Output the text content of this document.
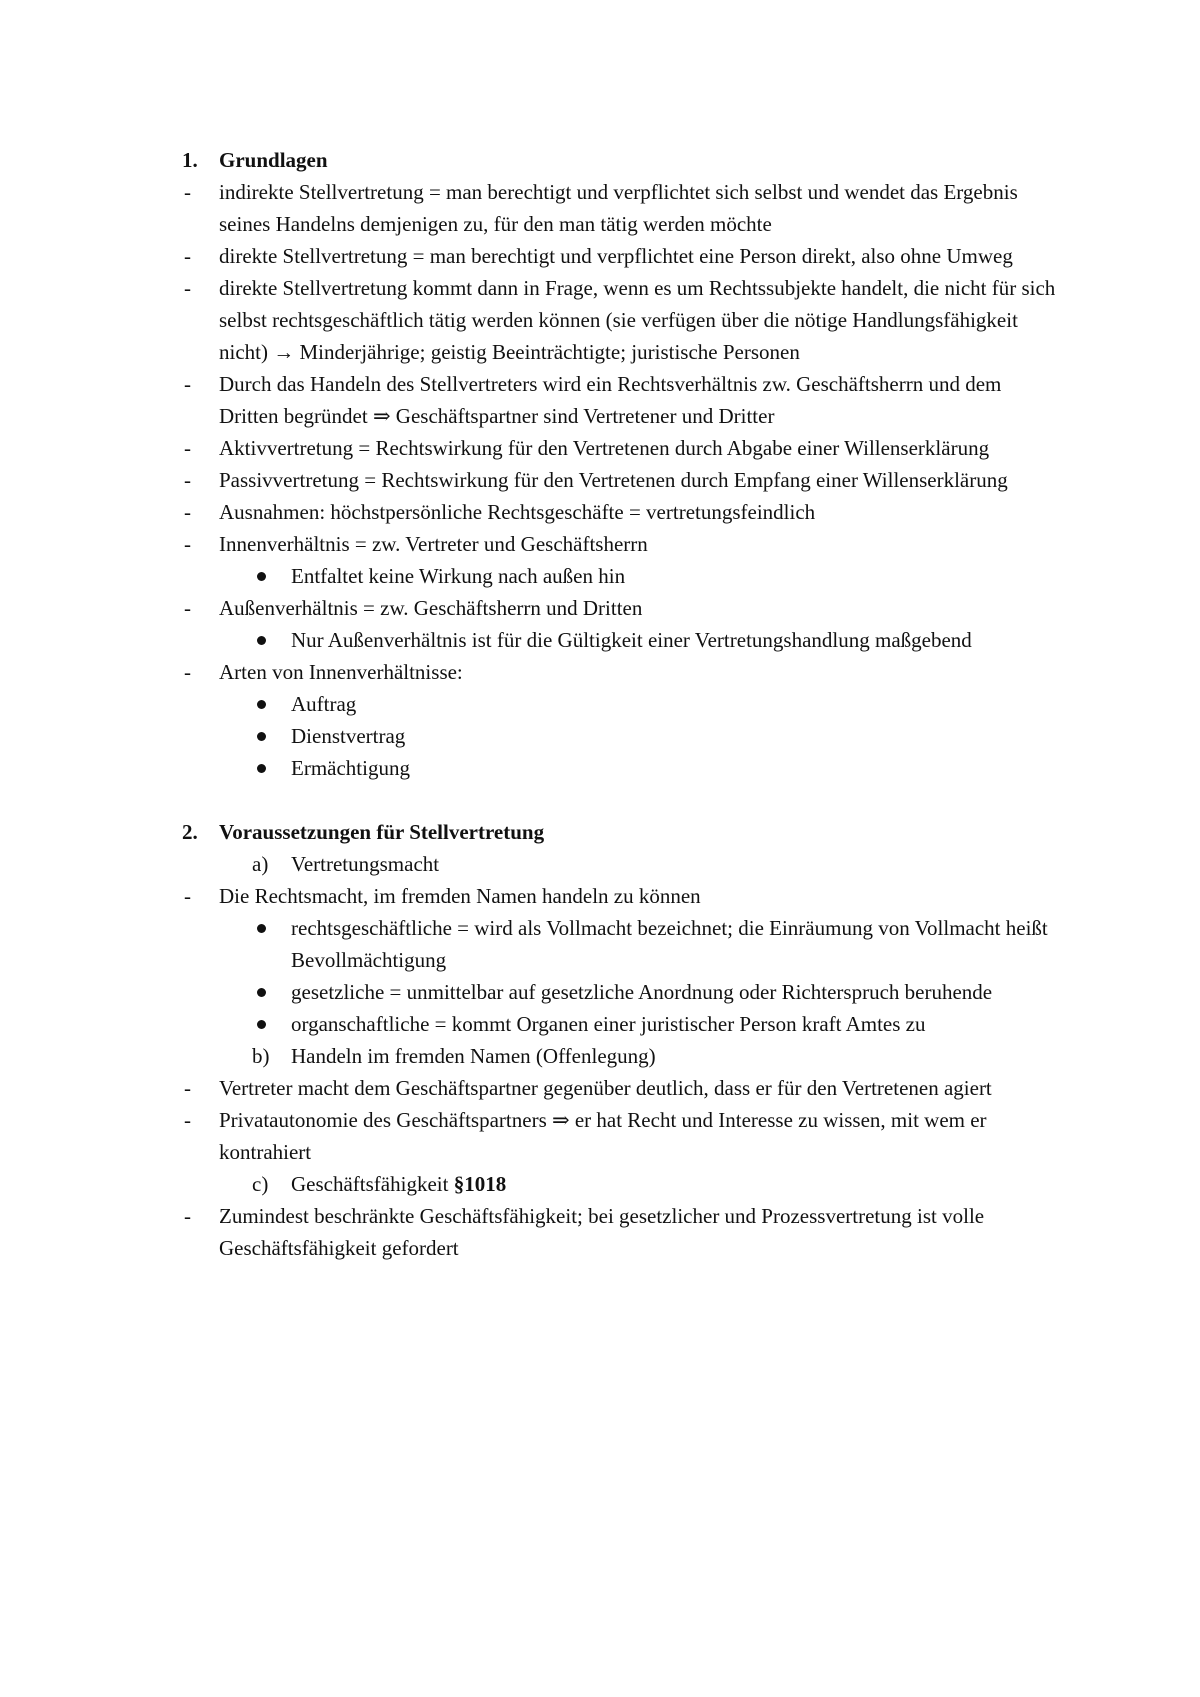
1. Grundlagen
- indirekte Stellvertretung = man berechtigt und verpflichtet sich selbst und wendet das Ergebnis seines Handelns demjenigen zu, für den man tätig werden möchte
- direkte Stellvertretung = man berechtigt und verpflichtet eine Person direkt, also ohne Umweg
- direkte Stellvertretung kommt dann in Frage, wenn es um Rechtssubjekte handelt, die nicht für sich selbst rechtsgeschäftlich tätig werden können (sie verfügen über die nötige Handlungsfähigkeit nicht) → Minderjährige; geistig Beeinträchtigte; juristische Personen
- Durch das Handeln des Stellvertreters wird ein Rechtsverhältnis zw. Geschäftsherrn und dem Dritten begründet ⇒ Geschäftspartner sind Vertretener und Dritter
- Aktivvertretung = Rechtswirkung für den Vertretenen durch Abgabe einer Willenserklärung
- Passivvertretung = Rechtswirkung für den Vertretenen durch Empfang einer Willenserklärung
- Ausnahmen: höchstpersönliche Rechtsgeschäfte = vertretungsfeindlich
- Innenverhältnis = zw. Vertreter und Geschäftsherrn
Entfaltet keine Wirkung nach außen hin
- Außenverhältnis = zw. Geschäftsherrn und Dritten
Nur Außenverhältnis ist für die Gültigkeit einer Vertretungshandlung maßgebend
- Arten von Innenverhältnisse:
Auftrag
Dienstvertrag
Ermächtigung
2. Voraussetzungen für Stellvertretung
a) Vertretungsmacht
- Die Rechtsmacht, im fremden Namen handeln zu können
rechtsgeschäftliche = wird als Vollmacht bezeichnet; die Einräumung von Vollmacht heißt Bevollmächtigung
gesetzliche = unmittelbar auf gesetzliche Anordnung oder Richterspruch beruhende
organschaftliche = kommt Organen einer juristischer Person kraft Amtes zu
b) Handeln im fremden Namen (Offenlegung)
- Vertreter macht dem Geschäftspartner gegenüber deutlich, dass er für den Vertretenen agiert
- Privatautonomie des Geschäftspartners ⇒ er hat Recht und Interesse zu wissen, mit wem er kontrahiert
c) Geschäftsfähigkeit §1018
- Zumindest beschränkte Geschäftsfähigkeit; bei gesetzlicher und Prozessvertretung ist volle Geschäftsfähigkeit gefordert
